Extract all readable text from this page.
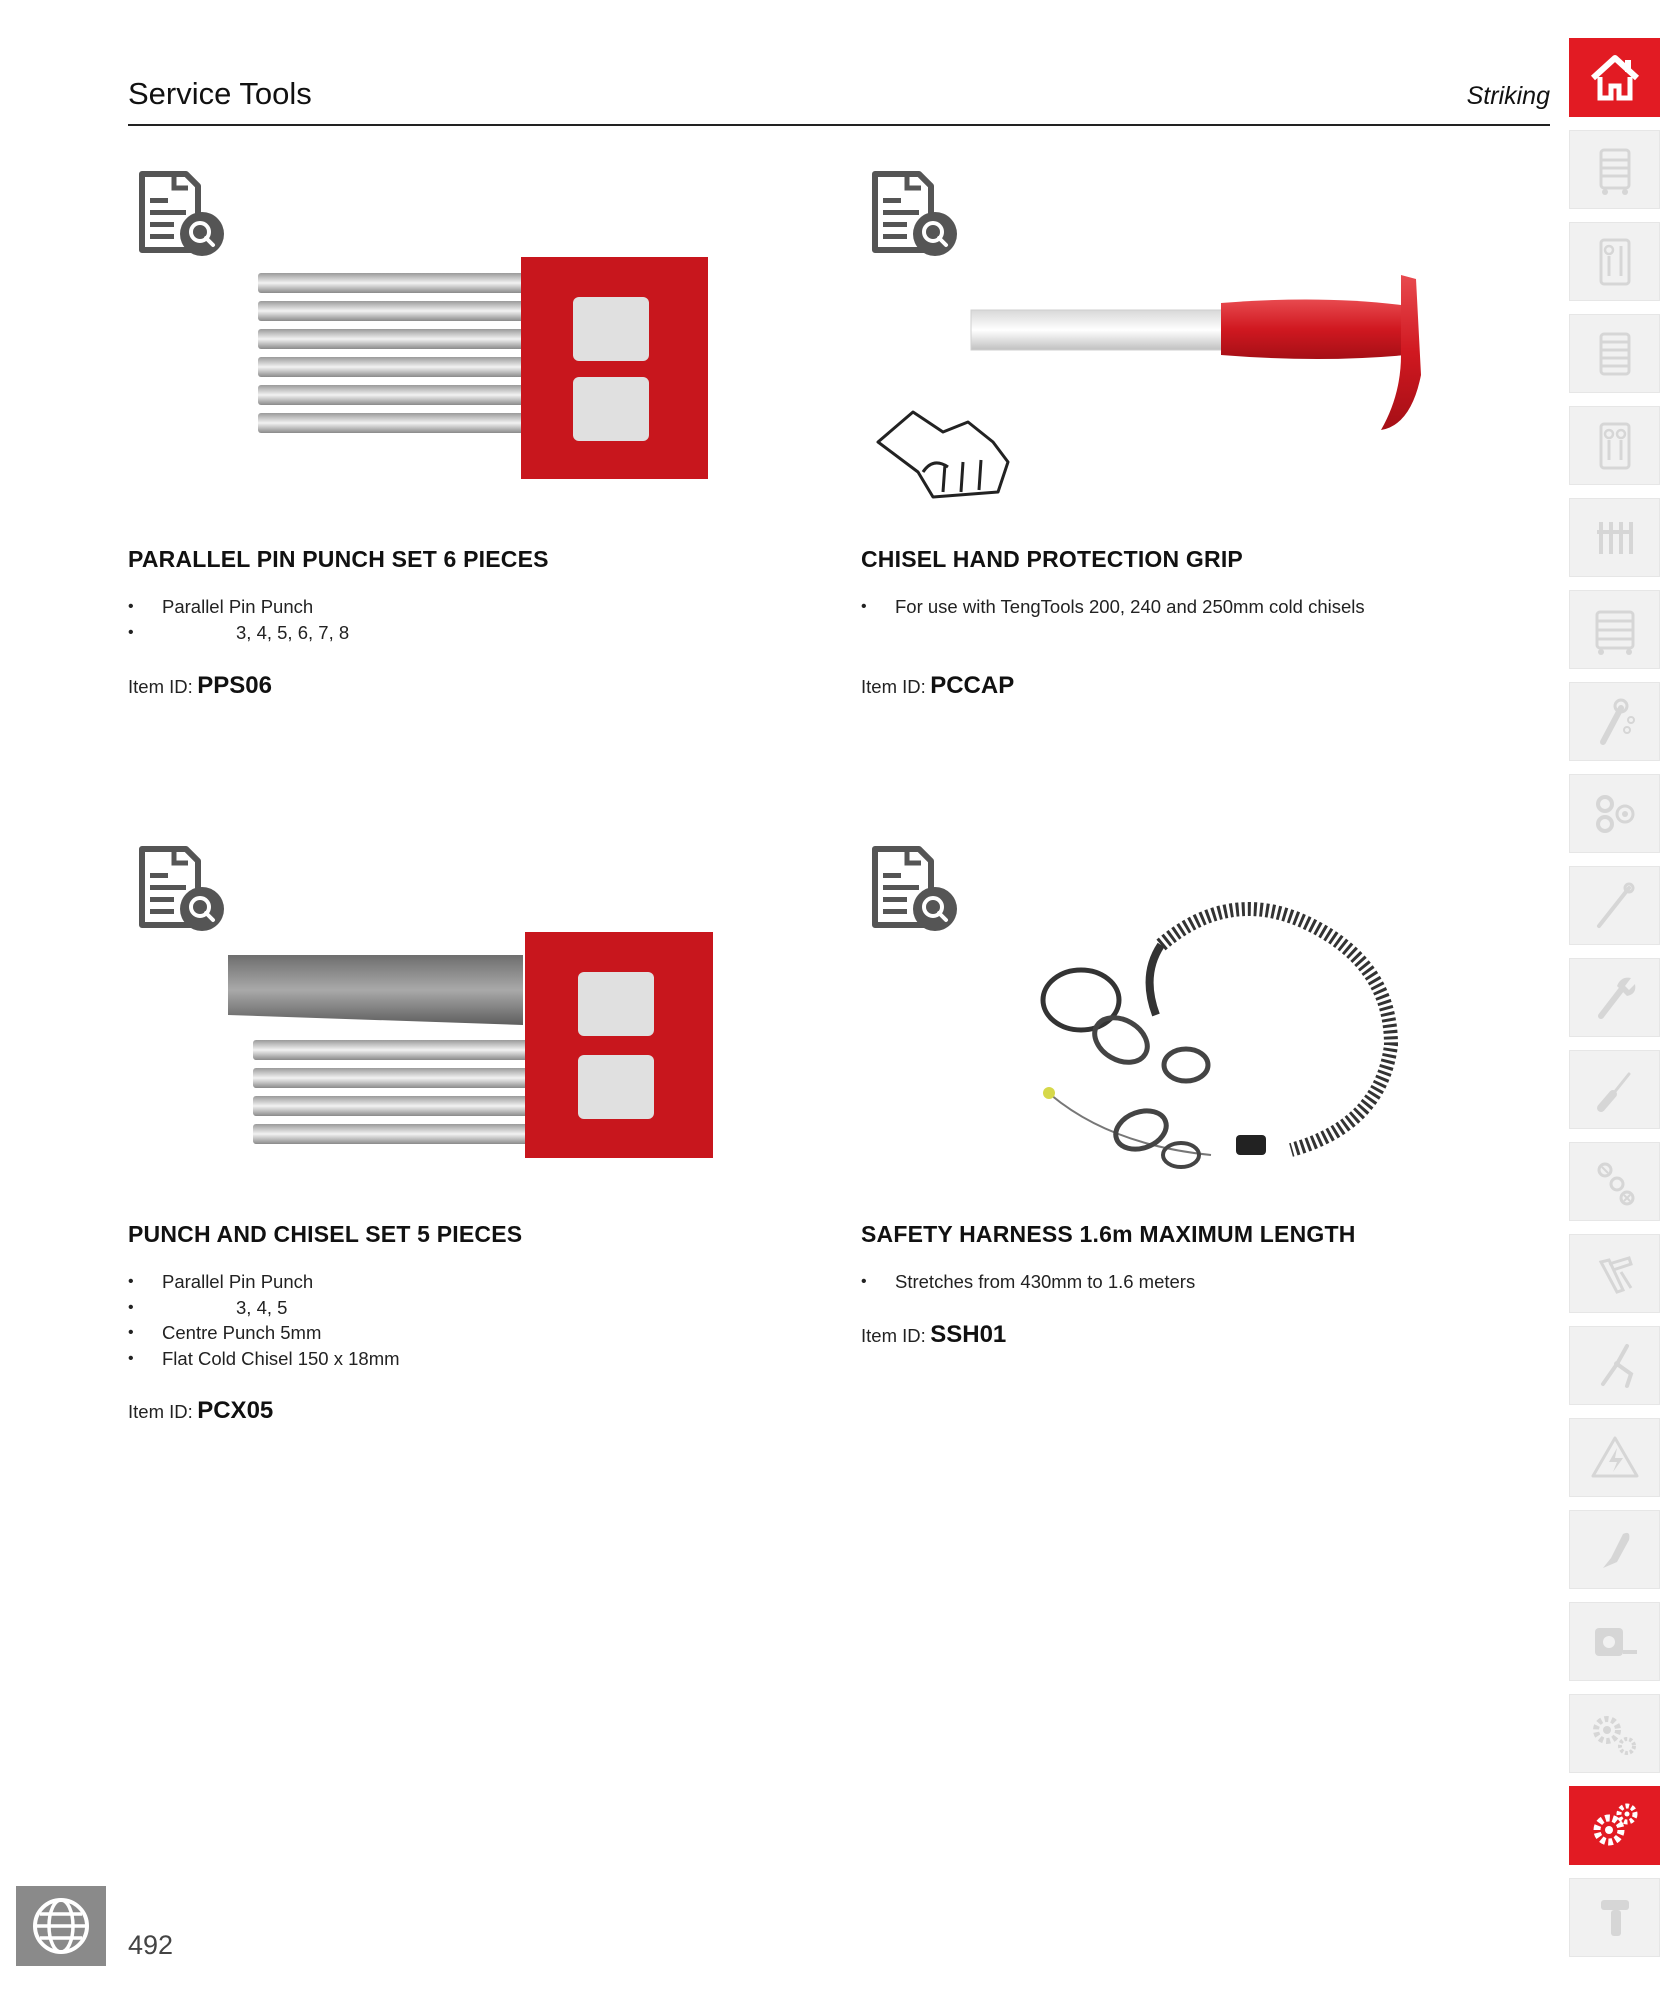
Service Tools	Striking
PARALLEL PIN PUNCH SET 6 PIECES
• Parallel Pin Punch
• 3, 4, 5, 6, 7, 8
Item ID: PPS06
CHISEL HAND PROTECTION GRIP
• For use with TengTools 200, 240 and 250mm cold chisels
Item ID: PCCAP
PUNCH AND CHISEL SET 5 PIECES
• Parallel Pin Punch
• 3, 4, 5
• Centre Punch 5mm
• Flat Cold Chisel 150 x 18mm
Item ID: PCX05
SAFETY HARNESS 1.6m MAXIMUM LENGTH
• Stretches from 430mm to 1.6 meters
Item ID: SSH01
492
